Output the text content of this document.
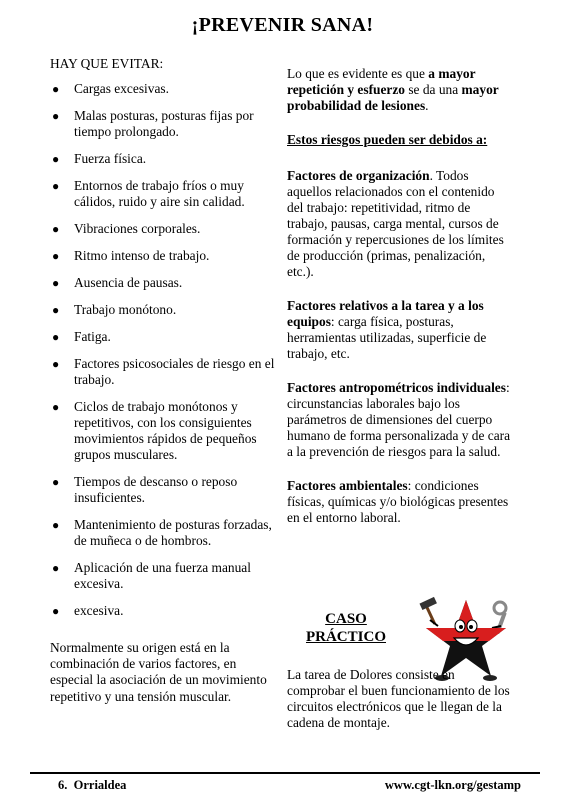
¡PREVENIR SANA!
HAY QUE EVITAR:
● Cargas excesivas.
● Malas posturas, posturas fijas por tiempo prolongado.
● Fuerza física.
● Entornos de trabajo fríos o muy cálidos, ruido y aire sin calidad.
● Vibraciones corporales.
● Ritmo intenso de trabajo.
● Ausencia de pausas.
● Trabajo monótono.
● Fatiga.
● Factores psicosociales de riesgo en el trabajo.
● Ciclos de trabajo monótonos y repetitivos, con los consiguientes movimientos rápidos de pequeños grupos musculares.
● Tiempos de descanso o reposo insuficientes.
● Mantenimiento de posturas forzadas, de muñeca o de hombros.
● Aplicación de una fuerza manual excesiva.
● excesiva.
Normalmente su origen está en la combinación de varios factores, en especial la asociación de un movimiento repetitivo y una tensión muscular.

Lo que es evidente es que a mayor repetición y esfuerzo se da una mayor probabilidad de lesiones.

Estos riesgos pueden ser debidos a:

Factores de organización. Todos aquellos relacionados con el contenido del trabajo: repetitividad, ritmo de trabajo, pausas, carga mental, cursos de formación y repercusiones de los límites de producción (primas, penalización, etc.).

Factores relativos a la tarea y a los equipos: carga física, posturas, herramientas utilizadas, superficie de trabajo, etc.

Factores antropométricos individuales: circunstancias laborales bajo los parámetros de dimensiones del cuerpo humano de forma personalizada y de cara a la prevención de riesgos para la salud.

Factores ambientales: condiciones físicas, químicas y/o biológicas presentes en el entorno laboral.

CASO
PRÁCTICO
La tarea de Dolores consiste en comprobar el buen funcionamiento de los circuitos electrónicos que le llegan de la cadena de montaje.
6. Orrialdea	www.cgt-lkn.org/gestamp
